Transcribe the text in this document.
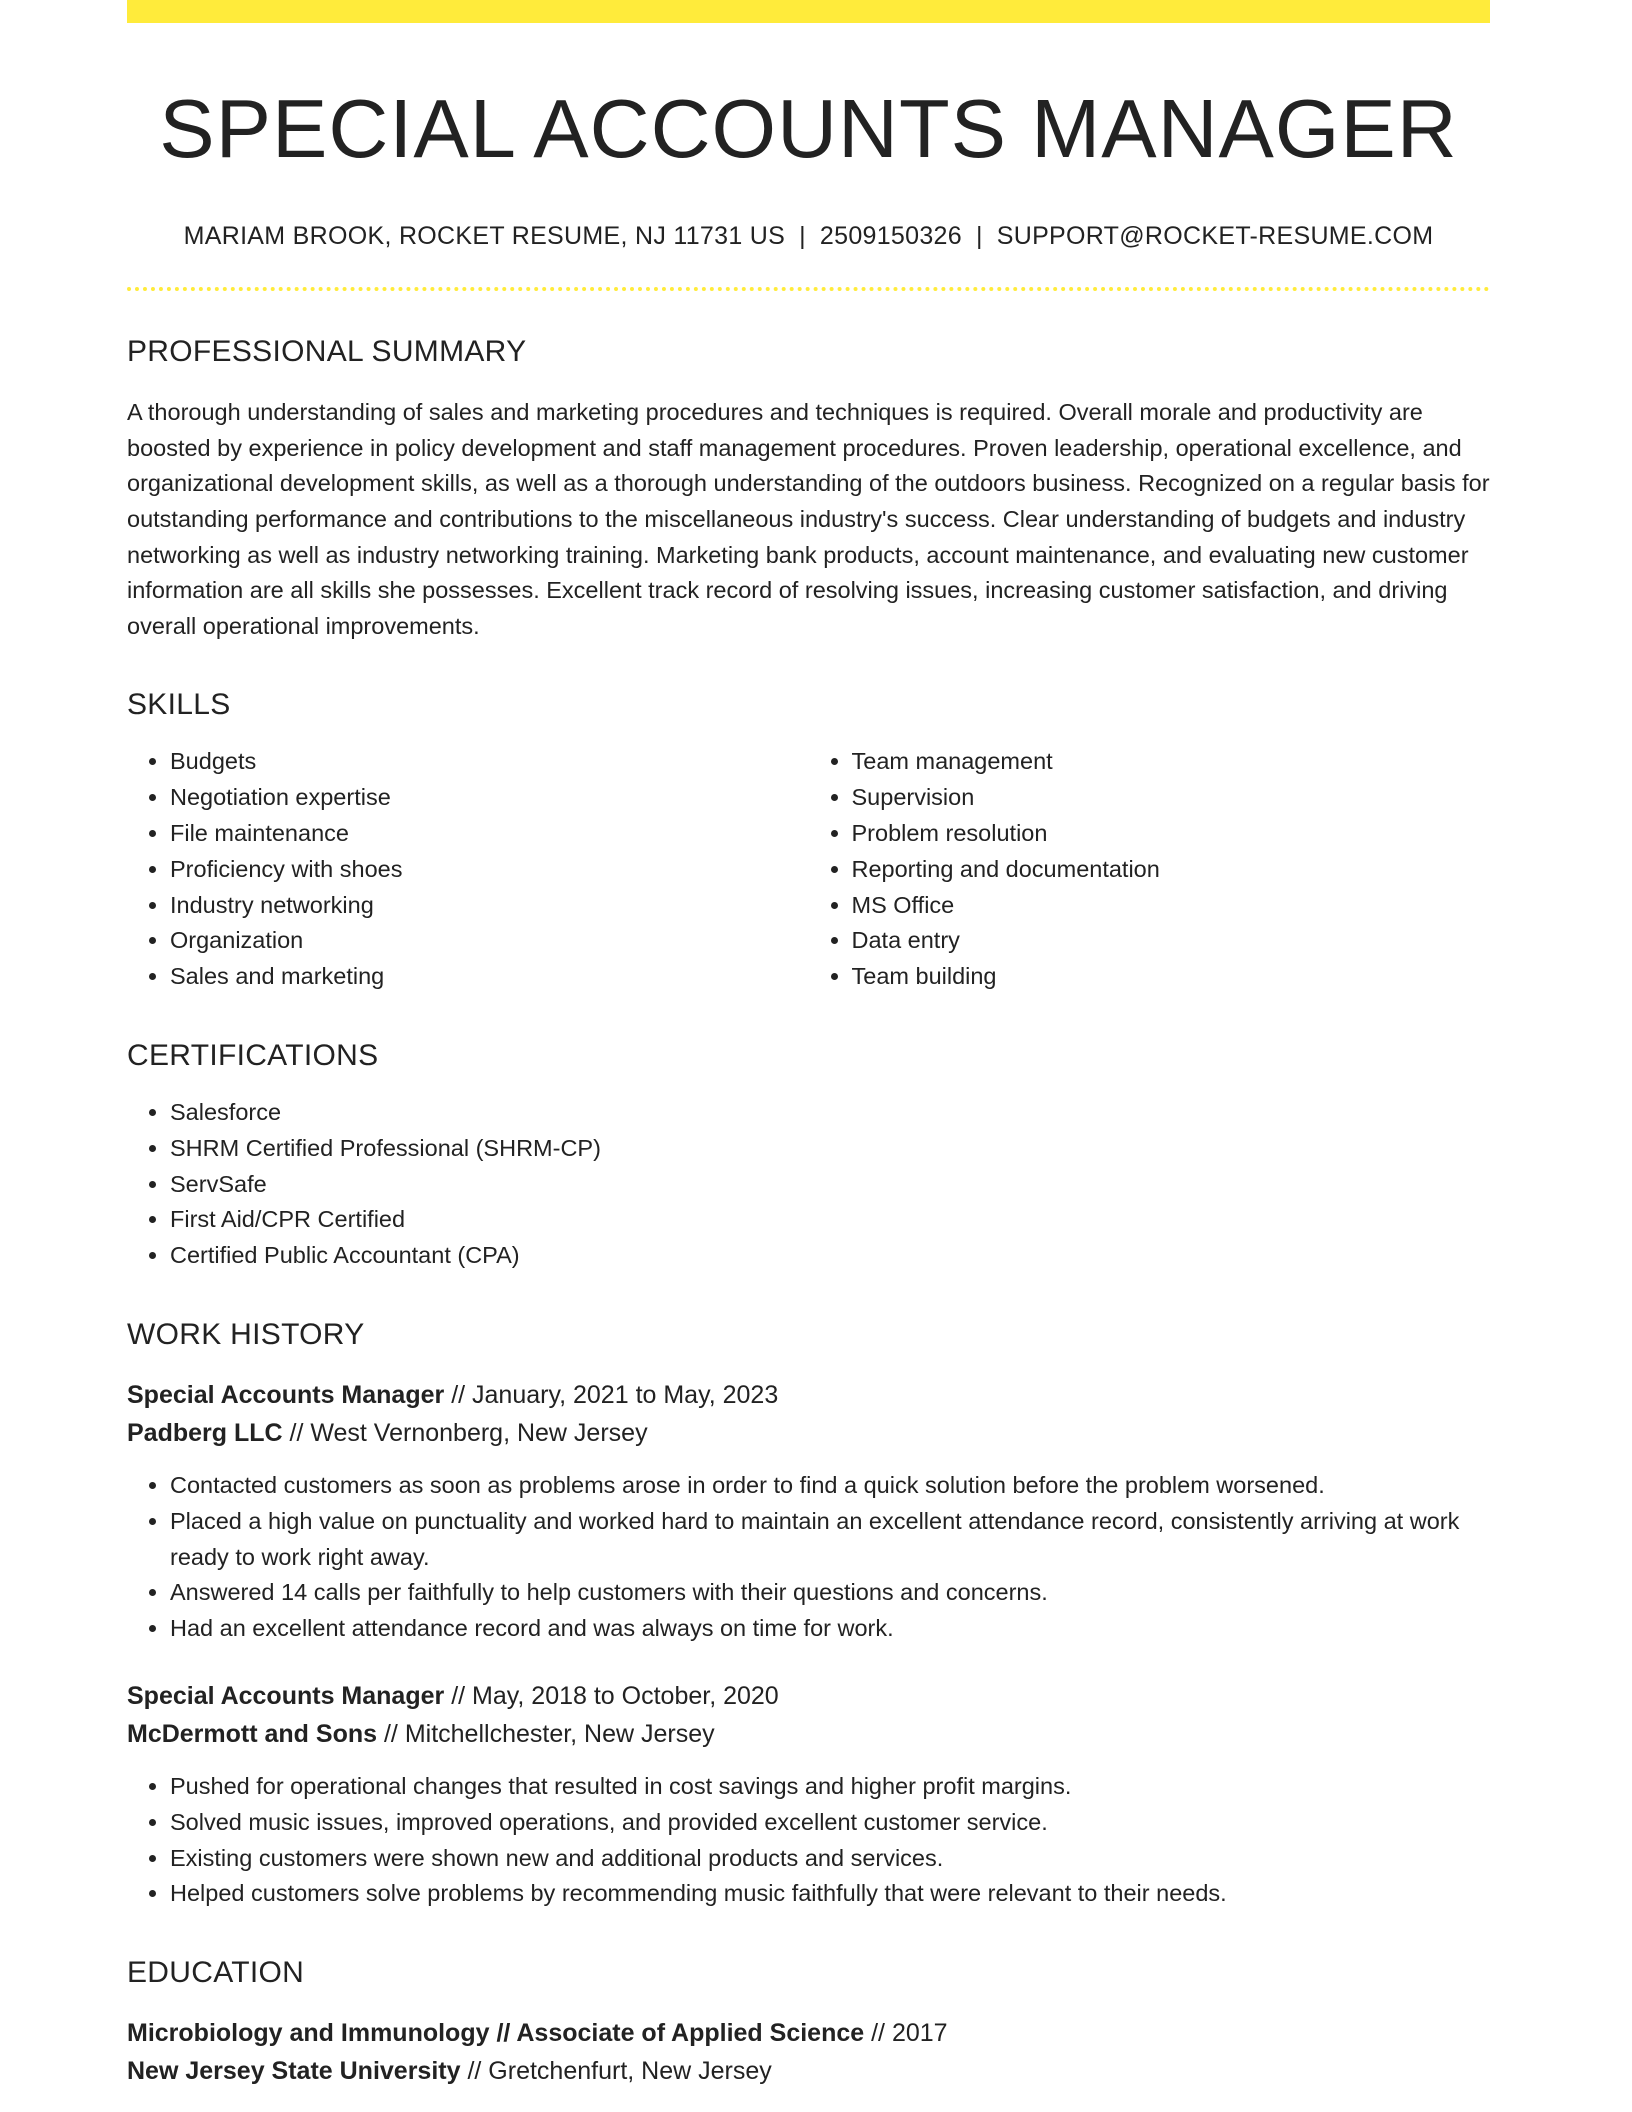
SPECIAL ACCOUNTS MANAGER
MARIAM BROOK, ROCKET RESUME, NJ 11731 US | 2509150326 | SUPPORT@ROCKET-RESUME.COM
PROFESSIONAL SUMMARY
A thorough understanding of sales and marketing procedures and techniques is required. Overall morale and productivity are boosted by experience in policy development and staff management procedures. Proven leadership, operational excellence, and organizational development skills, as well as a thorough understanding of the outdoors business. Recognized on a regular basis for outstanding performance and contributions to the miscellaneous industry's success. Clear understanding of budgets and industry networking as well as industry networking training. Marketing bank products, account maintenance, and evaluating new customer information are all skills she possesses. Excellent track record of resolving issues, increasing customer satisfaction, and driving overall operational improvements.
SKILLS
• Budgets
• Negotiation expertise
• File maintenance
• Proficiency with shoes
• Industry networking
• Organization
• Sales and marketing
• Team management
• Supervision
• Problem resolution
• Reporting and documentation
• MS Office
• Data entry
• Team building
CERTIFICATIONS
• Salesforce
• SHRM Certified Professional (SHRM-CP)
• ServSafe
• First Aid/CPR Certified
• Certified Public Accountant (CPA)
WORK HISTORY
Special Accounts Manager // January, 2021 to May, 2023
Padberg LLC // West Vernonberg, New Jersey
• Contacted customers as soon as problems arose in order to find a quick solution before the problem worsened.
• Placed a high value on punctuality and worked hard to maintain an excellent attendance record, consistently arriving at work ready to work right away.
• Answered 14 calls per faithfully to help customers with their questions and concerns.
• Had an excellent attendance record and was always on time for work.
Special Accounts Manager // May, 2018 to October, 2020
McDermott and Sons // Mitchellchester, New Jersey
• Pushed for operational changes that resulted in cost savings and higher profit margins.
• Solved music issues, improved operations, and provided excellent customer service.
• Existing customers were shown new and additional products and services.
• Helped customers solve problems by recommending music faithfully that were relevant to their needs.
EDUCATION
Microbiology and Immunology // Associate of Applied Science // 2017
New Jersey State University // Gretchenfurt, New Jersey
